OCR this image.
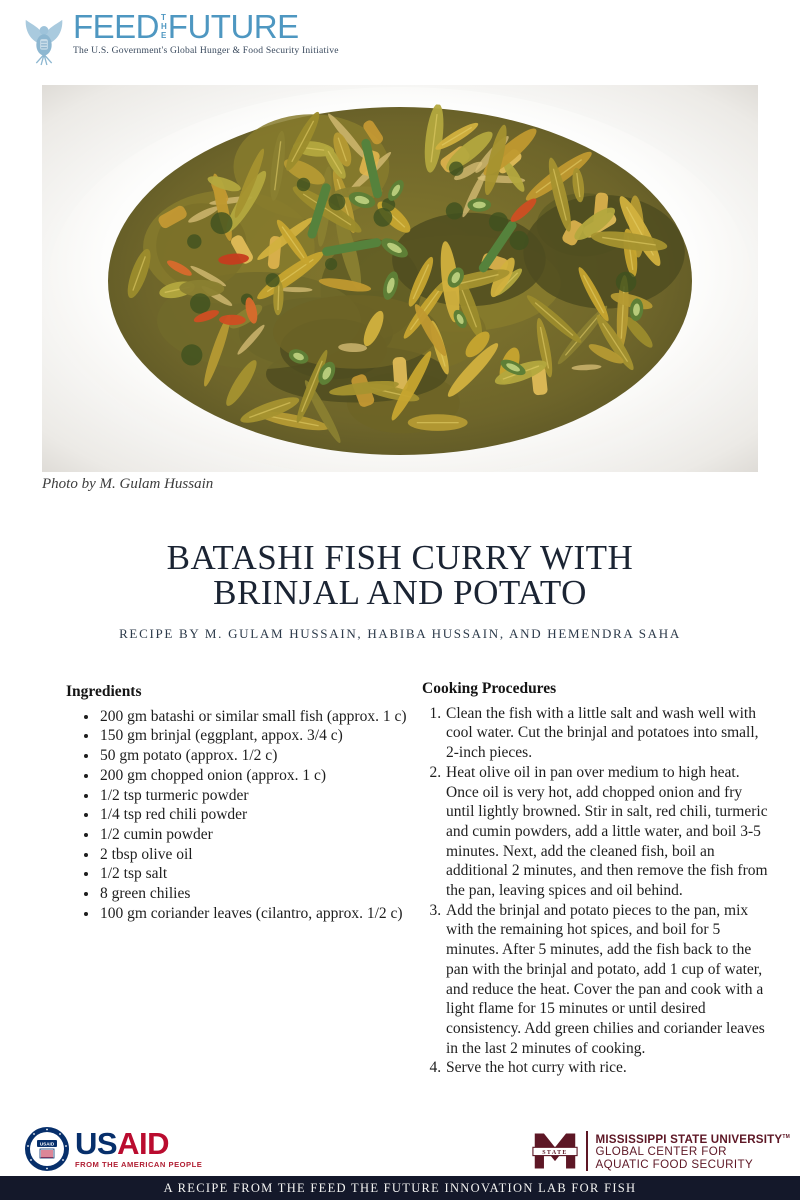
FEED T
H
E FUTURE
The U.S. Government's Global Hunger & Food Security Initiative
Photo by M. Gulam Hussain
BATASHI FISH CURRY WITH
BRINJAL AND POTATO
RECIPE BY M. GULAM HUSSAIN, HABIBA HUSSAIN, AND HEMENDRA SAHA
Ingredients
• 200 gm batashi or similar small fish (approx. 1 c)
• 150 gm brinjal (eggplant, appox. 3/4 c)
• 50 gm potato (approx. 1/2 c)
• 200 gm chopped onion (approx. 1 c)
• 1/2 tsp turmeric powder
• 1/4 tsp red chili powder
• 1/2 cumin powder
• 2 tbsp olive oil
• 1/2 tsp salt
• 8 green chilies
• 100 gm coriander leaves (cilantro, approx. 1/2 c)
Cooking Procedures
1. Clean the fish with a little salt and wash well with cool water. Cut the brinjal and potatoes into small, 2-inch pieces.
2. Heat olive oil in pan over medium to high heat. Once oil is very hot, add chopped onion and fry until lightly browned. Stir in salt, red chili, turmeric and cumin powders, add a little water, and boil 3-5 minutes. Next, add the cleaned fish, boil an additional 2 minutes, and then remove the fish from the pan, leaving spices and oil behind.
3. Add the brinjal and potato pieces to the pan, mix with the remaining hot spices, and boil for 5 minutes. After 5 minutes, add the fish back to the pan with the brinjal and potato, add 1 cup of water, and reduce the heat. Cover the pan and cook with a light flame for 15 minutes or until desired consistency. Add green chilies and coriander leaves in the last 2 minutes of cooking.
4. Serve the hot curry with rice.
USAID USAID
FROM THE AMERICAN PEOPLE
STATE
MISSISSIPPI STATE UNIVERSITY™
GLOBAL CENTER FOR
AQUATIC FOOD SECURITY
A RECIPE FROM THE FEED THE FUTURE INNOVATION LAB FOR FISH
